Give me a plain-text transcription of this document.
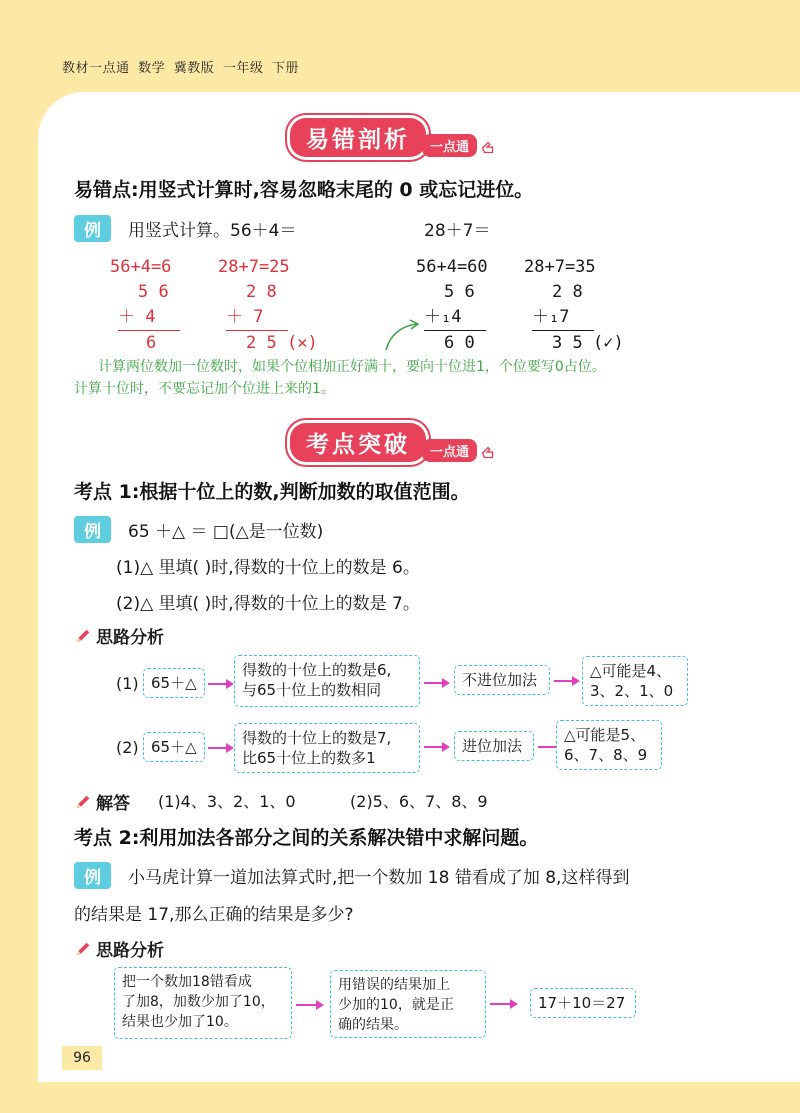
教材一点通 数学 冀教版 一年级 下册
易错剖析	一点通
易错点:用竖式计算时,容易忽略末尾的 0 或忘记进位。
例	用竖式计算。56＋4＝	28＋7＝
56+4=6
5 6
＋ 4
6
28+7=25
2 8
＋ 7
2 5 (✕)
56+4=60
5 6
＋₁4
6 0
28+7=35
2 8
＋₁7
3 5 (✓)
计算两位数加一位数时，如果个位相加正好满十，要向十位进1，个位要写0占位。
计算十位时，不要忘记加个位进上来的1。
考点突破	一点通
考点 1:根据十位上的数,判断加数的取值范围。
例	65 ＋△ ＝ □(△是一位数)
(1)△ 里填( )时,得数的十位上的数是 6。
(2)△ 里填( )时,得数的十位上的数是 7。
思路分析
(1) 65＋△
得数的十位上的数是6,
与65十位上的数相同
不进位加法	△可能是4、
3、2、1、0
(2) 65＋△	得数的十位上的数是7,
比65十位上的数多1
进位加法
△可能是5、
6、7、8、9
解答 (1)4、3、2、1、0	(2)5、6、7、8、9
考点 2:利用加法各部分之间的关系解决错中求解问题。
例	小马虎计算一道加法算式时,把一个数加 18 错看成了加 8,这样得到
的结果是 17,那么正确的结果是多少?
思路分析
把一个数加18错看成
了加8，加数少加了10，
结果也少加了10。
用错误的结果加上
少加的10，就是正
确的结果。
17＋10＝27
96
